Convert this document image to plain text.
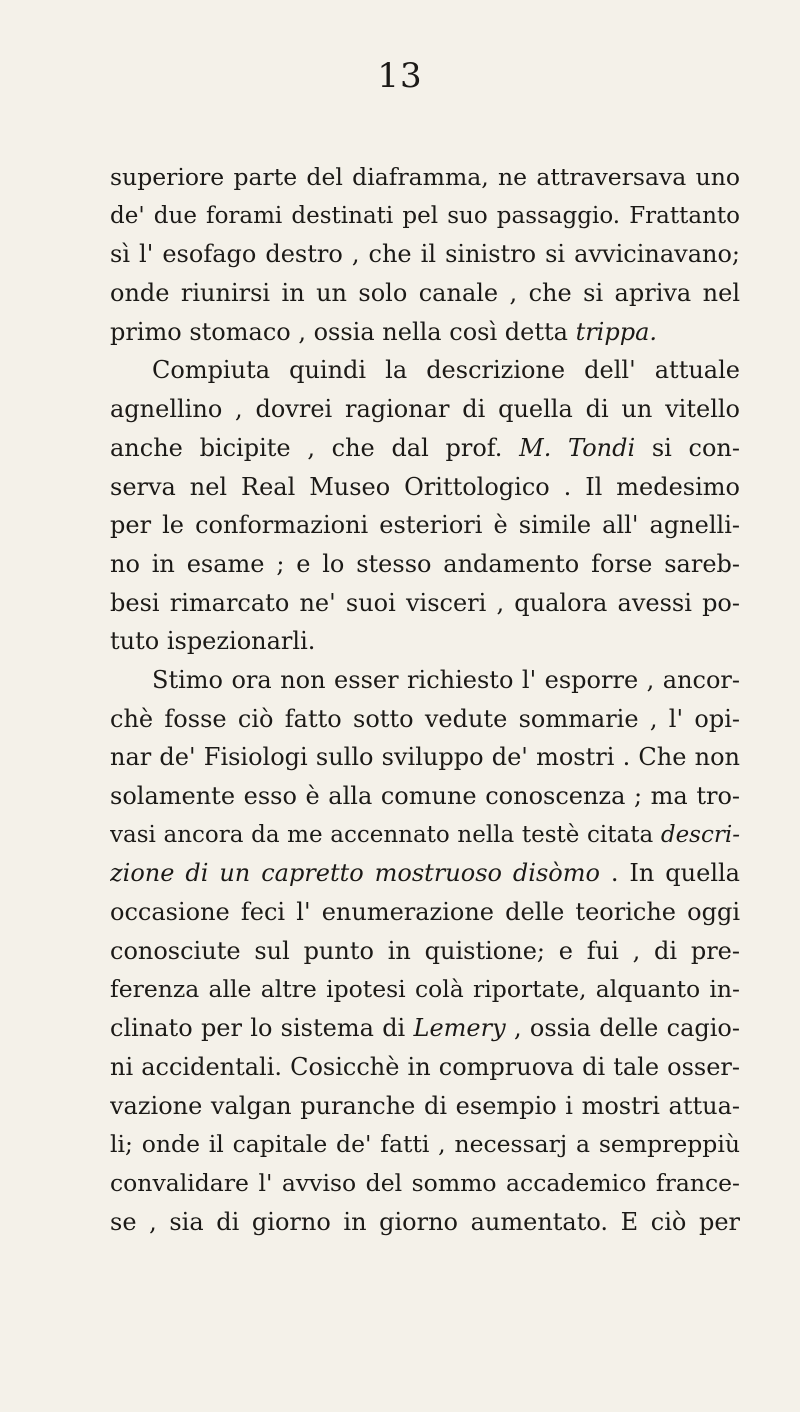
13
superiore parte del diaframma, ne attraversava uno
de' due forami destinati pel suo passaggio. Frattanto
sì l' esofago destro , che il sinistro si avvicinavano;
onde riunirsi in un solo canale , che si apriva nel
primo stomaco , ossia nella così detta trippa.
Compiuta quindi la descrizione dell' attuale
agnellino , dovrei ragionar di quella di un vitello
anche bicipite , che dal prof. M. Tondi si con-
serva nel Real Museo Orittologico . Il medesimo
per le conformazioni esteriori è simile all' agnelli-
no in esame ; e lo stesso andamento forse sareb-
besi rimarcato ne' suoi visceri , qualora avessi po-
tuto ispezionarli.
Stimo ora non esser richiesto l' esporre , ancor-
chè fosse ciò fatto sotto vedute sommarie , l' opi-
nar de' Fisiologi sullo sviluppo de' mostri . Che non
solamente esso è alla comune conoscenza ; ma tro-
vasi ancora da me accennato nella testè citata descri-
zione di un capretto mostruoso disòmo . In quella
occasione feci l' enumerazione delle teoriche oggi
conosciute sul punto in quistione; e fui , di pre-
ferenza alle altre ipotesi colà riportate, alquanto in-
clinato per lo sistema di Lemery , ossia delle cagio-
ni accidentali. Cosicchè in compruova di tale osser-
vazione valgan puranche di esempio i mostri attua-
li; onde il capitale de' fatti , necessarj a sempreppiù
convalidare l' avviso del sommo accademico france-
se , sia di giorno in giorno aumentato. E ciò per
